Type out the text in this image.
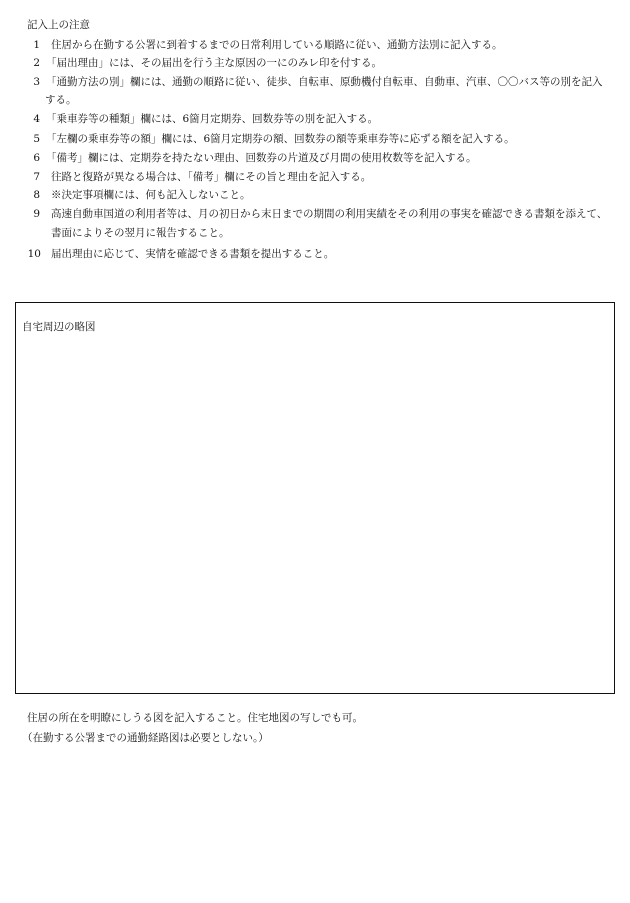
記入上の注意
1 住居から在勤する公署に到着するまでの日常利用している順路に従い、通勤方法別に記入する。
2 「届出理由」には、その届出を行う主な原因の一にのみレ印を付する。
3 「通勤方法の別」欄には、通勤の順路に従い、徒歩、自転車、原動機付自転車、自動車、汽車、〇〇バス等の別を記入
する。
4 「乗車券等の種類」欄には、6箇月定期券、回数券等の別を記入する。
5 「左欄の乗車券等の額」欄には、6箇月定期券の額、回数券の額等乗車券等に応ずる額を記入する。
6 「備考」欄には、定期券を持たない理由、回数券の片道及び月間の使用枚数等を記入する。
7 往路と復路が異なる場合は、「備考」欄にその旨と理由を記入する。
8 ※決定事項欄には、何も記入しないこと。
9 高速自動車国道の利用者等は、月の初日から末日までの期間の利用実績をその利用の事実を確認できる書類を添えて、
書面によりその翌月に報告すること。
10 届出理由に応じて、実情を確認できる書類を提出すること。
自宅周辺の略図
住居の所在を明瞭にしうる図を記入すること。住宅地図の写しでも可。
（在勤する公署までの通勤経路図は必要としない。）
